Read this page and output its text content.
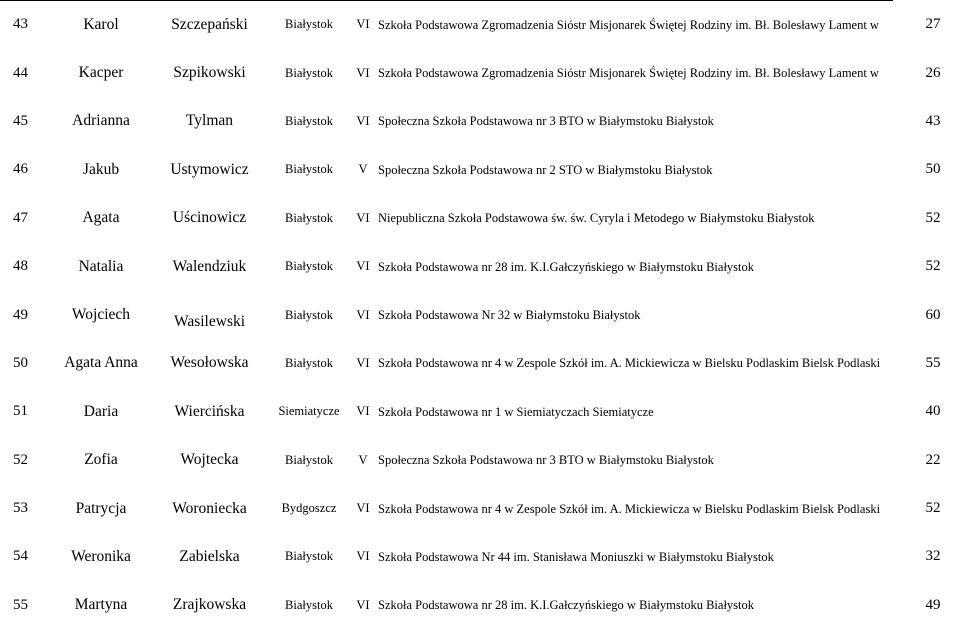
43	Karol	Szczepański	Białystok	VI	Szkoła Podstawowa Zgromadzenia Sióstr Misjonarek Świętej Rodziny im. Bł. Bolesławy Lament w	27
44	Kacper	Szpikowski	Białystok	VI	Szkoła Podstawowa Zgromadzenia Sióstr Misjonarek Świętej Rodziny im. Bł. Bolesławy Lament w	26
45	Adrianna	Tylman	Białystok	VI	Społeczna Szkoła Podstawowa nr 3 BTO w Białymstoku Białystok	43
46	Jakub	Ustymowicz	Białystok	V	Społeczna Szkoła Podstawowa nr 2 STO w Białymstoku Białystok	50
47	Agata	Uścinowicz	Białystok	VI	Niepubliczna Szkoła Podstawowa św. św. Cyryla i Metodego w Białymstoku Białystok	52
48	Natalia	Walendziuk	Białystok	VI	Szkoła Podstawowa nr 28 im. K.I.Gałczyńskiego w Białymstoku Białystok	52
49	Wojciech	Wasilewski	Białystok	VI	Szkoła Podstawowa Nr 32 w Białymstoku Białystok	60
50	Agata Anna	Wesołowska	Białystok	VI	Szkoła Podstawowa nr 4 w Zespole Szkół im. A. Mickiewicza w Bielsku Podlaskim Bielsk Podlaski	55
51	Daria	Wiercińska	Siemiatycze	VI	Szkoła Podstawowa nr 1 w Siemiatyczach Siemiatycze	40
52	Zofia	Wojtecka	Białystok	V	Społeczna Szkoła Podstawowa nr 3 BTO w Białymstoku Białystok	22
53	Patrycja	Woroniecka	Bydgoszcz	VI	Szkoła Podstawowa nr 4 w Zespole Szkół im. A. Mickiewicza w Bielsku Podlaskim Bielsk Podlaski	52
54	Weronika	Zabielska	Białystok	VI	Szkoła Podstawowa Nr 44 im. Stanisława Moniuszki w Białymstoku Białystok	32
55	Martyna	Zrajkowska	Białystok	VI	Szkoła Podstawowa nr 28 im. K.I.Gałczyńskiego w Białymstoku Białystok	49
